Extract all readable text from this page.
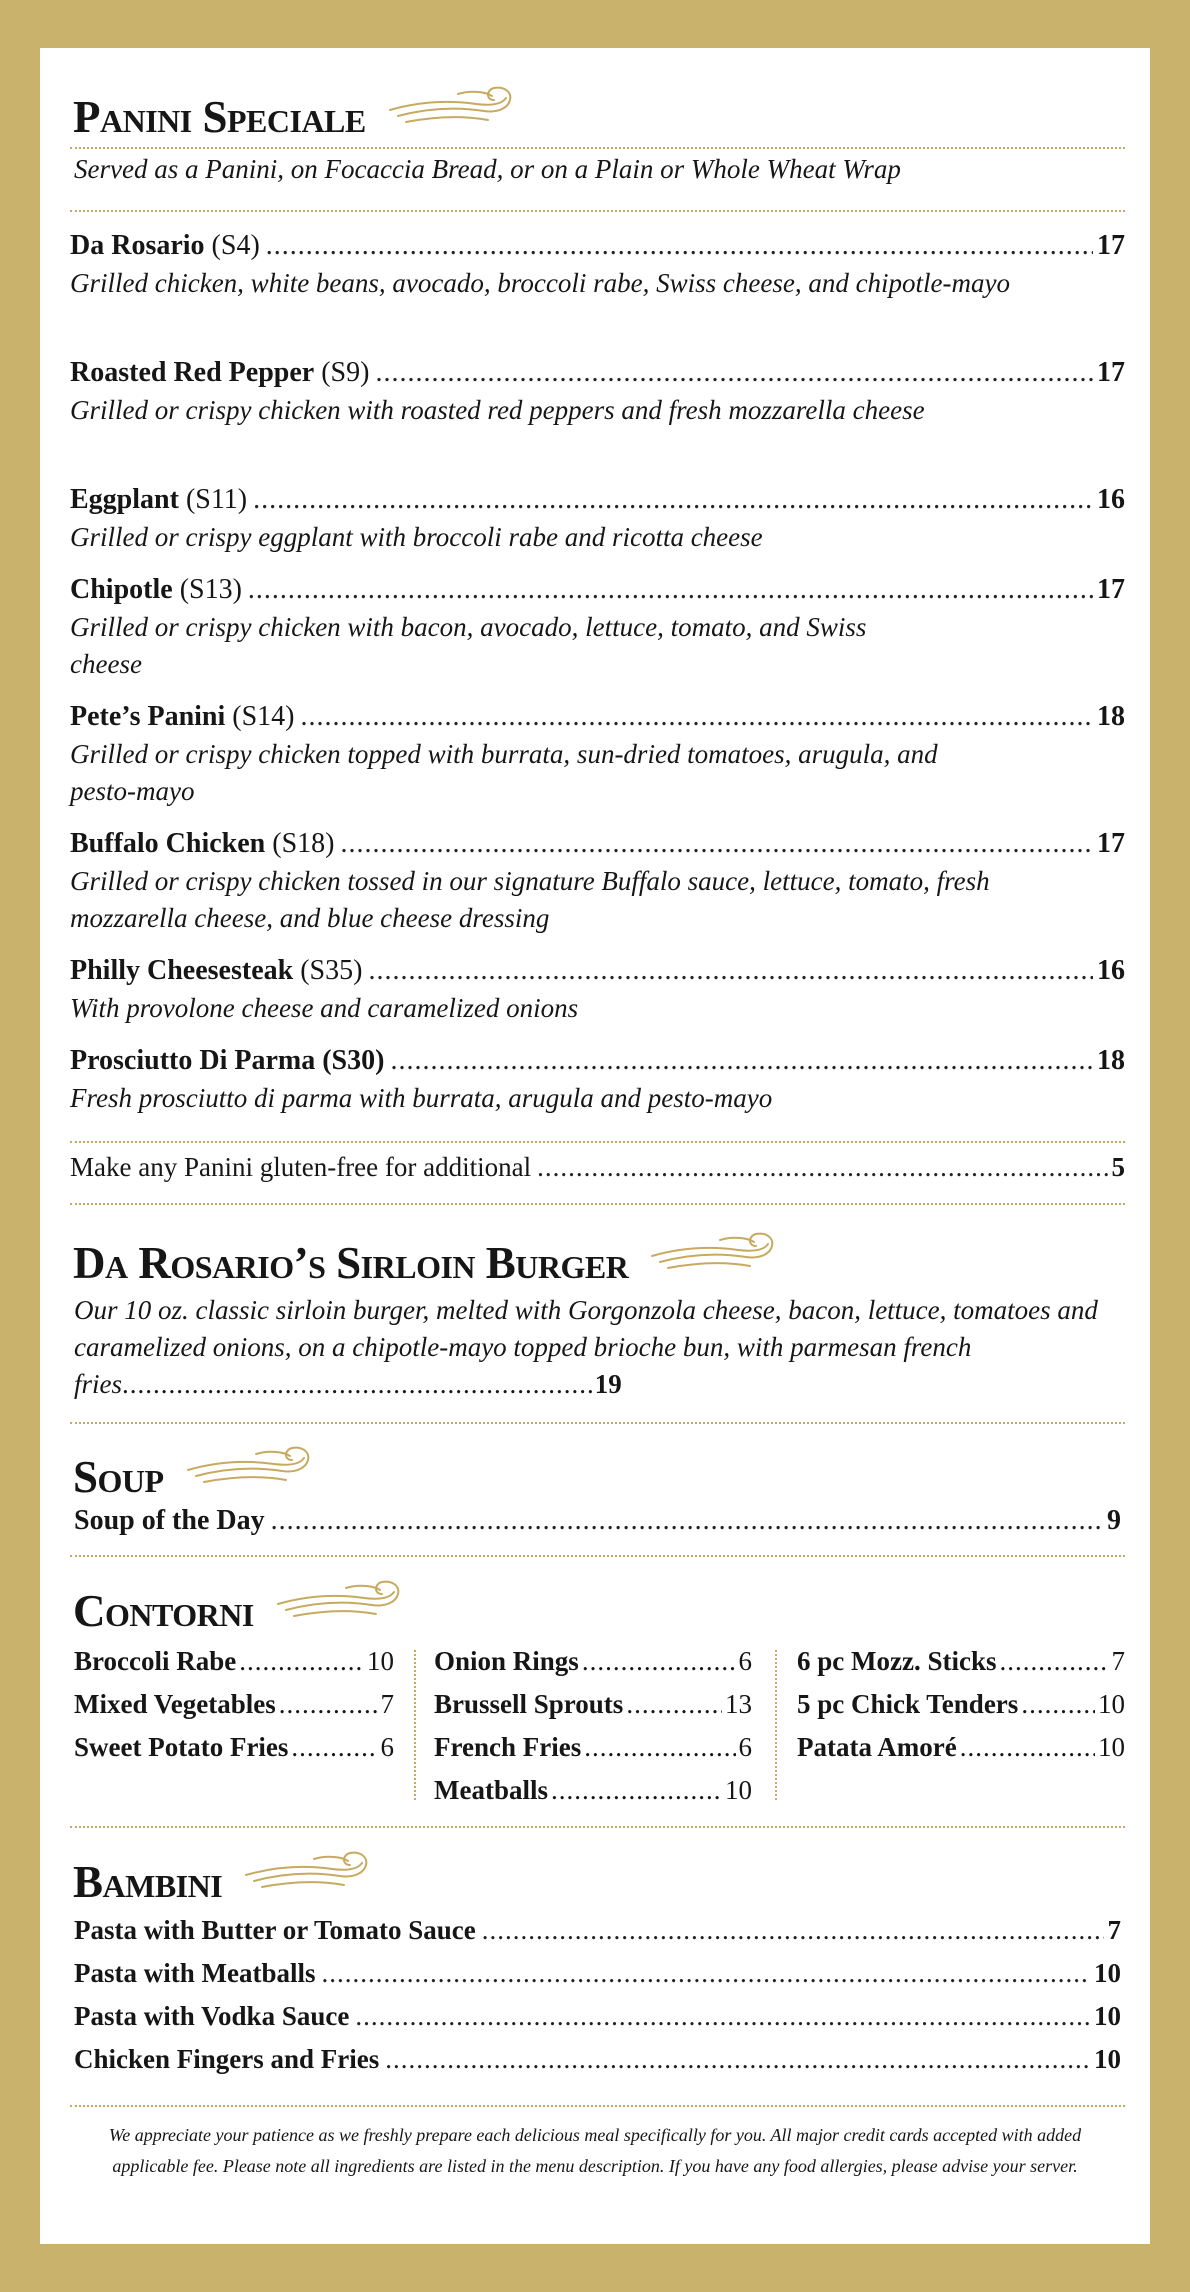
Panini Speciale
Served as a Panini, on Focaccia Bread, or on a Plain or Whole Wheat Wrap
Da Rosario (S4) .....	17
Grilled chicken, white beans, avocado, broccoli rabe, Swiss cheese, and chipotle-mayo
Roasted Red Pepper (S9) .....	17
Grilled or crispy chicken with roasted red peppers and fresh mozzarella cheese
Eggplant (S11) .....	16
Grilled or crispy eggplant with broccoli rabe and ricotta cheese
Chipotle (S13) .....	17
Grilled or crispy chicken with bacon, avocado, lettuce, tomato, and Swiss cheese
Pete’s Panini (S14) .....	18
Grilled or crispy chicken topped with burrata, sun-dried tomatoes, arugula, and pesto-mayo
Buffalo Chicken (S18) .....	17
Grilled or crispy chicken tossed in our signature Buffalo sauce, lettuce, tomato, fresh mozzarella cheese, and blue cheese dressing
Philly Cheesesteak (S35) .....	16
With provolone cheese and caramelized onions
Prosciutto Di Parma (S30) .....	18
Fresh prosciutto di parma with burrata, arugula and pesto-mayo
Make any Panini gluten-free for additional .....	5
Da Rosario’s Sirloin Burger
Our 10 oz. classic sirloin burger, melted with Gorgonzola cheese, bacon, lettuce, tomatoes and caramelized onions, on a chipotle-mayo topped brioche bun, with parmesan french fries.............................................................19
Soup
Soup of the Day .....	9
Contorni
Broccoli Rabe .....	10
Mixed Vegetables .....	7
Sweet Potato Fries .....	6
Onion Rings .....	6
Brussell Sprouts .....	13
French Fries .....	6
Meatballs .....	10
6 pc Mozz. Sticks .....	7
5 pc Chick Tenders .....	10
Patata Amoré .....	10
Bambini
Pasta with Butter or Tomato Sauce .....	7
Pasta with Meatballs .....	10
Pasta with Vodka Sauce .....	10
Chicken Fingers and Fries .....	10
We appreciate your patience as we freshly prepare each delicious meal specifically for you. All major credit cards accepted with added applicable fee. Please note all ingredients are listed in the menu description. If you have any food allergies, please advise your server.
